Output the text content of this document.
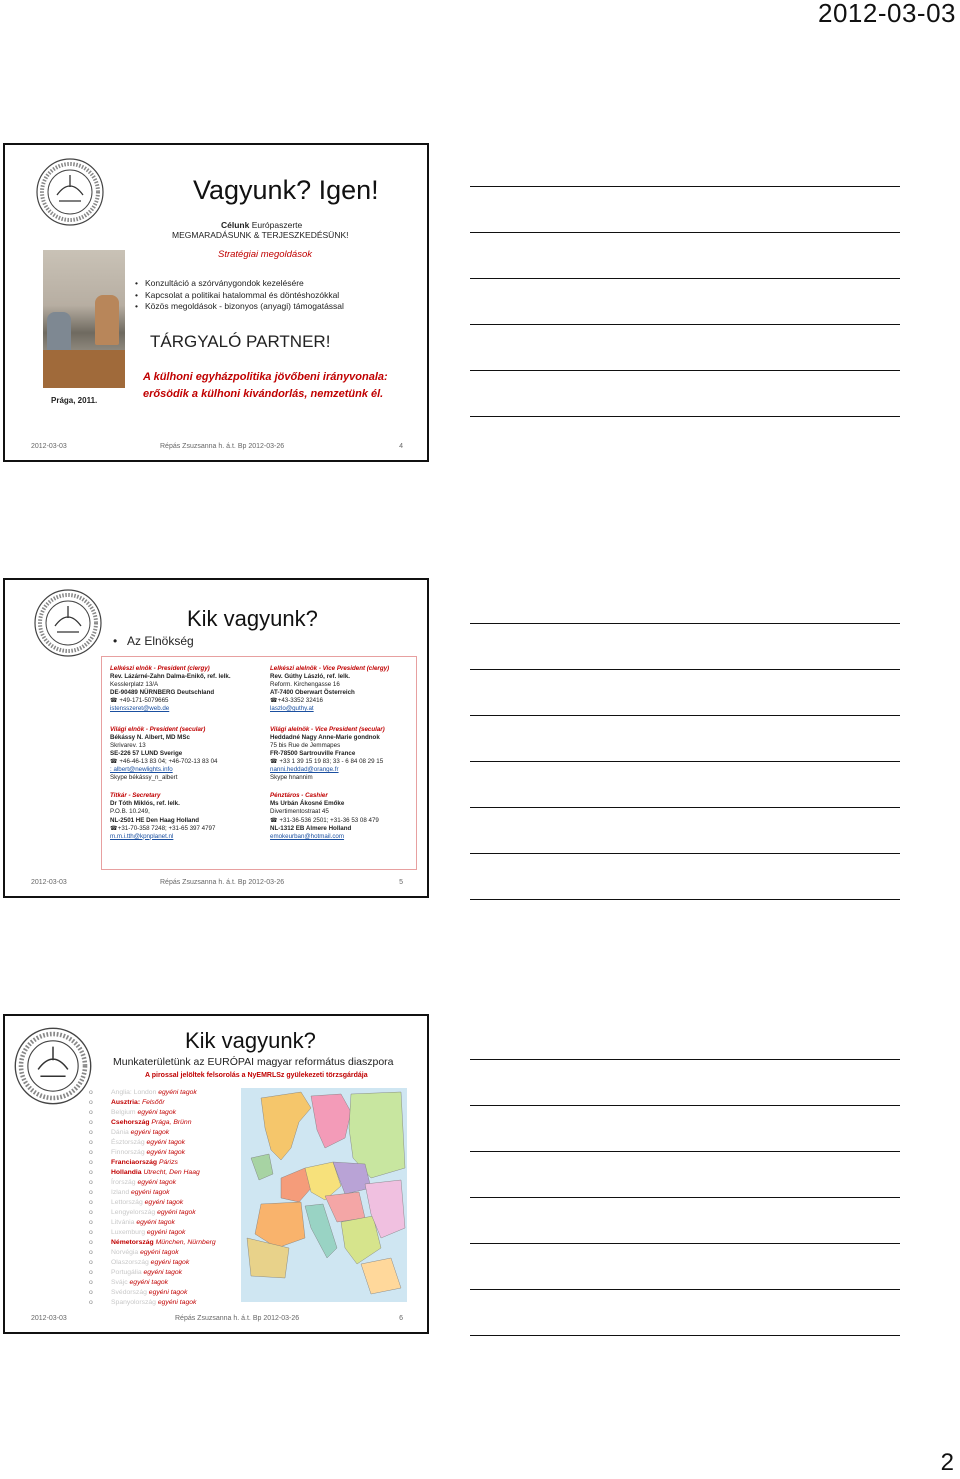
2012-03-03
Prága, 2011.
Vagyunk? Igen!
Célunk Európaszerte
MEGMARADÁSUNK & TERJESZKEDÉSÜNK!
Stratégiai megoldások
• Konzultáció a szórványgondok kezelésére
• Kapcsolat a politikai hatalommal és döntéshozókkal
• Közös megoldások - bizonyos (anyagi) támogatással
TÁRGYALÓ PARTNER!
A külhoni egyházpolitika jövőbeni irányvonala:
erősödik a külhoni kivándorlás, nemzetünk él.
2012-03-03	Répás Zsuzsanna h. á.t. Bp 2012-03-26	4
Kik vagyunk?
• Az Elnökség
Lelkészi elnök - President (clergy)
Rev. Lázárné-Zahn Dalma-Enikő, ref. lelk.
Kesslerplatz 13/A
DE-90489 NÜRNBERG Deutschland
☎ +49-171-5079665
istensszeret@web.de
Világi elnök - President (secular)
Békássy N. Albert, MD MSc
Skrivarev. 13
SE-226 57 LUND Sverige
☎ +46-46-13 83 04; +46-702-13 83 04
: albert@newlights.info
Skype békássy_n_albert
Titkár - Secretary
Dr Tóth Miklós, ref. lelk.
P.O.B. 10.249,
NL-2501 HE Den Haag Holland
☎+31-70-358 7248; +31-65 397 4797
m.m.i.tth@kpnplanet.nl
Lelkészi alelnök - Vice President (clergy)
Rev. Gúthy László, ref. lelk.
Reform. Kirchengasse 16
AT-7400 Oberwart Österreich
☎+43-3352 32416
laszlo@guthy.at
Világi alelnök - Vice President (secular)
Heddadné Nagy Anne-Marie gondnok
75 bis Rue de Jemmapes
FR-78500 Sartrouville France
☎ +33 1 39 15 19 83; 33 - 6 84 08 29 15
nanni.heddad@orange.fr
Skype hnannim
Pénztáros - Cashier
Ms Urbán Ákosné Emőke
Divertimentostraat 45
☎ +31-36-536 2501; +31-36 53 08 479
NL-1312 EB Almere Holland
emokeurban@hotmail.com
2012-03-03	Répás Zsuzsanna h. á.t. Bp 2012-03-26	5
Kik vagyunk?
Munkaterületünk az EURÓPAI magyar református diaszpora
A pirossal jelöltek felsorolás a NyEMRLSz gyülekezeti törzsgárdája
o Anglia: London egyéni tagok
o Ausztria: Felsőőr
o Belgium egyéni tagok
o Csehország Prága, Brünn
o Dánia egyéni tagok
o Észtország egyéni tagok
o Finnország egyéni tagok
o Franciaország Párizs
o Hollandia Utrecht, Den Haag
o Írország egyéni tagok
o Izland egyéni tagok
o Lettország egyéni tagok
o Lengyelország egyéni tagok
o Litvánia egyéni tagok
o Luxemburg egyéni tagok
o Németország München, Nürnberg
o Norvégia egyéni tagok
o Olaszország egyéni tagok
o Portugália egyéni tagok
o Svájc egyéni tagok
o Svédország egyéni tagok
o Spanyolország egyéni tagok
2012-03-03	Répás Zsuzsanna h. á.t. Bp 2012-03-26	6
2
